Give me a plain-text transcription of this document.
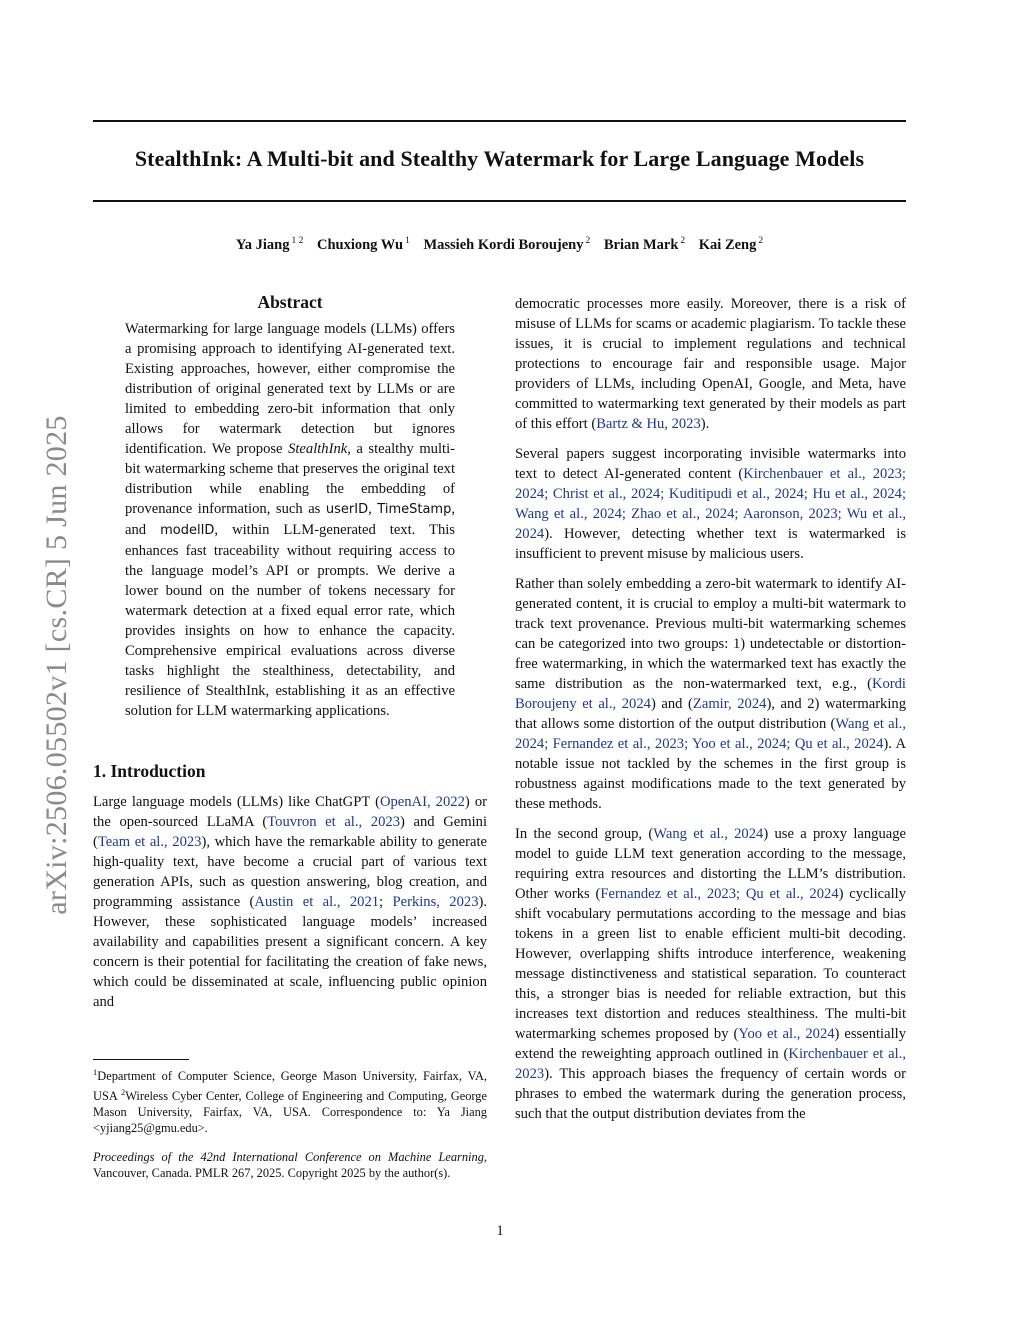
StealthInk: A Multi-bit and Stealthy Watermark for Large Language Models
Ya Jiang $^{1 2}$ Chuxiong Wu $^1$ Massieh Kordi Boroujeny $^2$ Brian Mark $^2$ Kai Zeng $^2$
arXiv:2506.05502v1 [cs.CR] 5 Jun 2025
Abstract
Watermarking for large language models (LLMs) offers a promising approach to identifying AI-generated text. Existing approaches, however, either compromise the distribution of original generated text by LLMs or are limited to embedding zero-bit information that only allows for watermark detection but ignores identification. We propose StealthInk, a stealthy multi-bit watermarking scheme that preserves the original text distribution while enabling the embedding of provenance information, such as userID, TimeStamp, and modelID, within LLM-generated text. This enhances fast traceability without requiring access to the language model’s API or prompts. We derive a lower bound on the number of tokens necessary for watermark detection at a fixed equal error rate, which provides insights on how to enhance the capacity. Comprehensive empirical evaluations across diverse tasks highlight the stealthiness, detectability, and resilience of StealthInk, establishing it as an effective solution for LLM watermarking applications.
1. Introduction

Large language models (LLMs) like ChatGPT (OpenAI, 2022) or the open-sourced LLaMA (Touvron et al., 2023) and Gemini (Team et al., 2023), which have the remarkable ability to generate high-quality text, have become a crucial part of various text generation APIs, such as question answering, blog creation, and programming assistance (Austin et al., 2021; Perkins, 2023). However, these sophisticated language models’ increased availability and capabilities present a significant concern. A key concern is their potential for facilitating the creation of fake news, which could be disseminated at scale, influencing public opinion and

democratic processes more easily. Moreover, there is a risk of misuse of LLMs for scams or academic plagiarism. To tackle these issues, it is crucial to implement regulations and technical protections to encourage fair and responsible usage. Major providers of LLMs, including OpenAI, Google, and Meta, have committed to watermarking text generated by their models as part of this effort (Bartz & Hu, 2023).

Several papers suggest incorporating invisible watermarks into text to detect AI-generated content (Kirchenbauer et al., 2023; 2024; Christ et al., 2024; Kuditipudi et al., 2024; Hu et al., 2024; Wang et al., 2024; Zhao et al., 2024; Aaronson, 2023; Wu et al., 2024). However, detecting whether text is watermarked is insufficient to prevent misuse by malicious users.

Rather than solely embedding a zero-bit watermark to identify AI-generated content, it is crucial to employ a multi-bit watermark to track text provenance. Previous multi-bit watermarking schemes can be categorized into two groups: 1) undetectable or distortion-free watermarking, in which the watermarked text has exactly the same distribution as the non-watermarked text, e.g., (Kordi Boroujeny et al., 2024) and (Zamir, 2024), and 2) watermarking that allows some distortion of the output distribution (Wang et al., 2024; Fernandez et al., 2023; Yoo et al., 2024; Qu et al., 2024). A notable issue not tackled by the schemes in the first group is robustness against modifications made to the text generated by these methods.

In the second group, (Wang et al., 2024) use a proxy language model to guide LLM text generation according to the message, requiring extra resources and distorting the LLM’s distribution. Other works (Fernandez et al., 2023; Qu et al., 2024) cyclically shift vocabulary permutations according to the message and bias tokens in a green list to enable efficient multi-bit decoding. However, overlapping shifts introduce interference, weakening message distinctiveness and statistical separation. To counteract this, a stronger bias is needed for reliable extraction, but this increases text distortion and reduces stealthiness. The multi-bit watermarking schemes proposed by (Yoo et al., 2024) essentially extend the reweighting approach outlined in (Kirchenbauer et al., 2023). This approach biases the frequency of certain words or phrases to embed the watermark during the generation process, such that the output distribution deviates from the

$^1$Department of Computer Science, George Mason University, Fairfax, VA, USA $^2$Wireless Cyber Center, College of Engineering and Computing, George Mason University, Fairfax, VA, USA. Correspondence to: Ya Jiang <yjiang25@gmu.edu>.
Proceedings of the 42nd International Conference on Machine Learning, Vancouver, Canada. PMLR 267, 2025. Copyright 2025 by the author(s).
1
